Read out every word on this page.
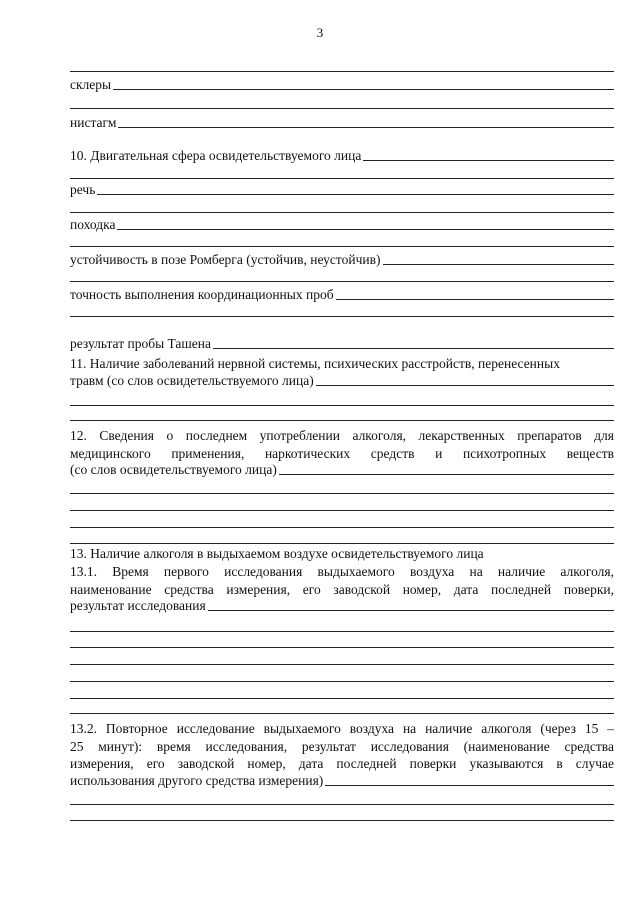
3
склеры
нистагм
10. Двигательная сфера освидетельствуемого лица
речь
походка
устойчивость в позе Ромберга (устойчив, неустойчив)
точность выполнения координационных проб
результат пробы Ташена
11. Наличие заболеваний нервной системы, психических расстройств, перенесенных
травм (со слов освидетельствуемого лица)
12. Сведения о последнем употреблении алкоголя, лекарственных препаратов для
медицинского применения, наркотических средств и психотропных веществ
(со слов освидетельствуемого лица)
13. Наличие алкоголя в выдыхаемом воздухе освидетельствуемого лица
13.1. Время первого исследования выдыхаемого воздуха на наличие алкоголя,
наименование средства измерения, его заводской номер, дата последней поверки,
результат исследования
13.2. Повторное исследование выдыхаемого воздуха на наличие алкоголя (через 15 –
25 минут): время исследования, результат исследования (наименование средства
измерения, его заводской номер, дата последней поверки указываются в случае
использования другого средства измерения)
